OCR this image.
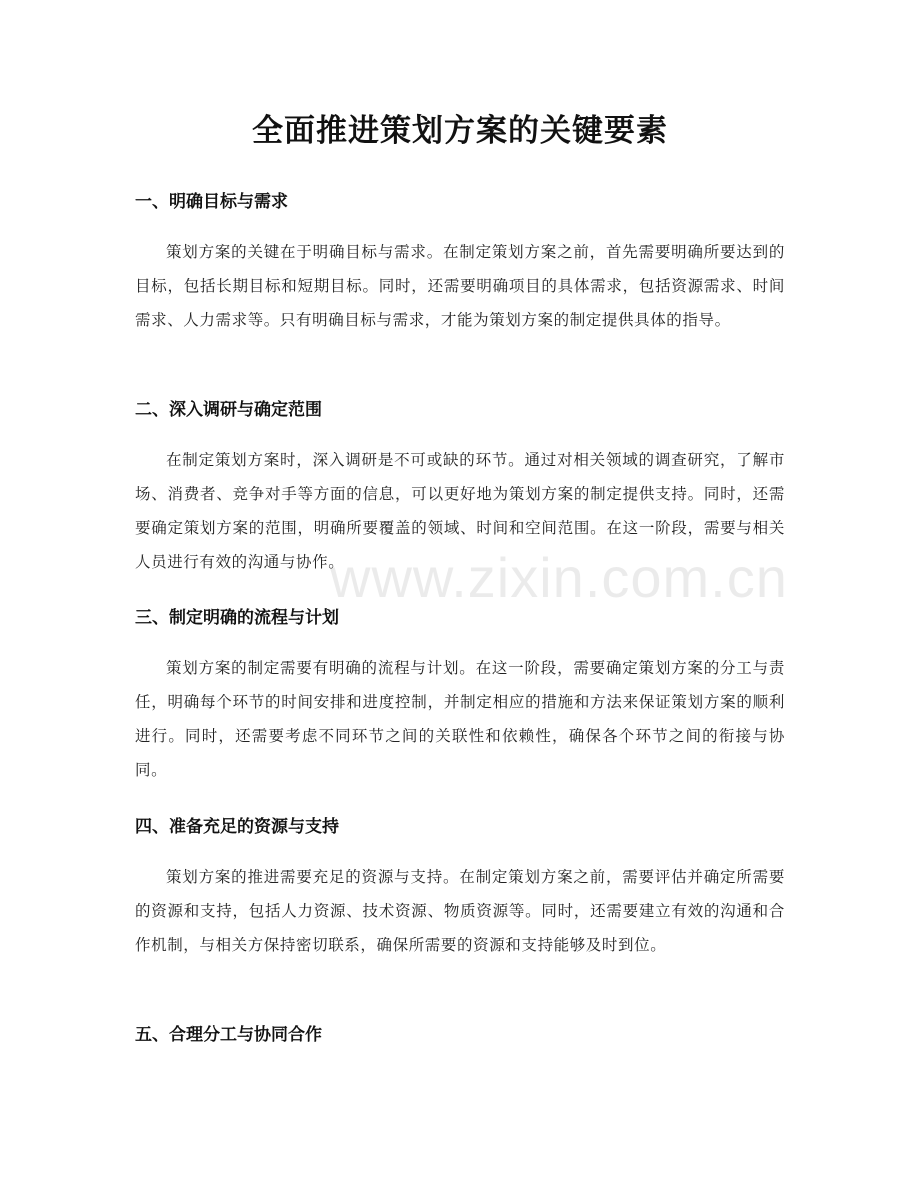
全面推进策划方案的关键要素
www.zixin.com.cn
一、明确目标与需求

策划方案的关键在于明确目标与需求。在制定策划方案之前，首先需要明确所要达到的目标，包括长期目标和短期目标。同时，还需要明确项目的具体需求，包括资源需求、时间需求、人力需求等。只有明确目标与需求，才能为策划方案的制定提供具体的指导。

二、深入调研与确定范围

在制定策划方案时，深入调研是不可或缺的环节。通过对相关领域的调查研究，了解市场、消费者、竞争对手等方面的信息，可以更好地为策划方案的制定提供支持。同时，还需要确定策划方案的范围，明确所要覆盖的领域、时间和空间范围。在这一阶段，需要与相关人员进行有效的沟通与协作。

三、制定明确的流程与计划

策划方案的制定需要有明确的流程与计划。在这一阶段，需要确定策划方案的分工与责任，明确每个环节的时间安排和进度控制，并制定相应的措施和方法来保证策划方案的顺利进行。同时，还需要考虑不同环节之间的关联性和依赖性，确保各个环节之间的衔接与协同。

四、准备充足的资源与支持

策划方案的推进需要充足的资源与支持。在制定策划方案之前，需要评估并确定所需要的资源和支持，包括人力资源、技术资源、物质资源等。同时，还需要建立有效的沟通和合作机制，与相关方保持密切联系，确保所需要的资源和支持能够及时到位。

五、合理分工与协同合作
